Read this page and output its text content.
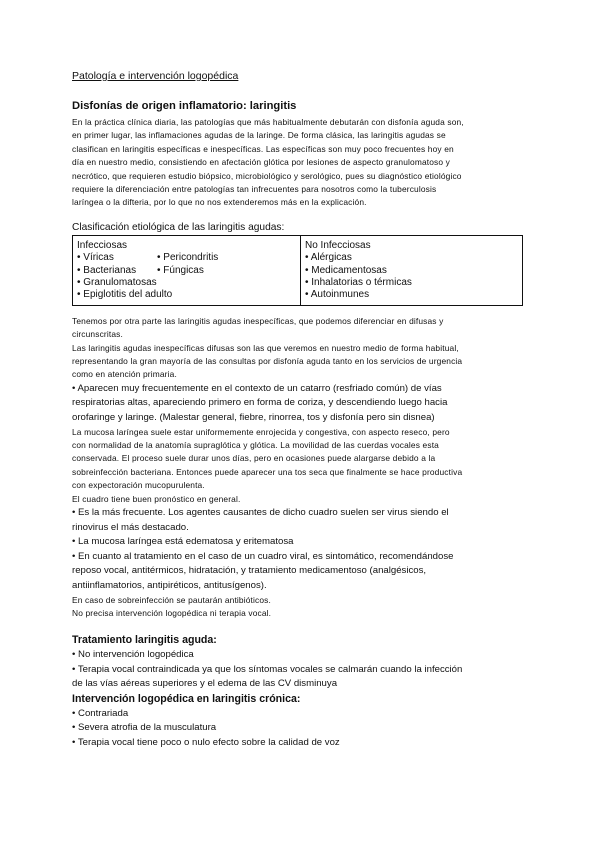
Patología e intervención logopédica
Disfonías de origen inflamatorio: laringitis
En la práctica clínica diaria, las patologías que más habitualmente debutarán con disfonía aguda son,
en primer lugar, las inflamaciones agudas de la laringe. De forma clásica, las laringitis agudas se
clasifican en laringitis específicas e inespecíficas. Las específicas son muy poco frecuentes hoy en
día en nuestro medio, consistiendo en afectación glótica por lesiones de aspecto granulomatoso y
necrótico, que requieren estudio biópsico, microbiológico y serológico, pues su diagnóstico etiológico
requiere la diferenciación entre patologías tan infrecuentes para nosotros como la tuberculosis
laríngea o la difteria, por lo que no nos extenderemos más en la explicación.
Clasificación etiológica de las laringitis agudas:
Infecciosas
• Víricas	• Pericondritis
• Bacterianas	• Fúngicas
• Granulomatosas
• Epiglotitis del adulto
No Infecciosas
• Alérgicas
• Medicamentosas
• Inhalatorias o térmicas
• Autoinmunes
Tenemos por otra parte las laringitis agudas inespecíficas, que podemos diferenciar en difusas y
circunscritas.
Las laringitis agudas inespecíficas difusas son las que veremos en nuestro medio de forma habitual,
representando la gran mayoría de las consultas por disfonía aguda tanto en los servicios de urgencia
como en atención primaria.
• Aparecen muy frecuentemente en el contexto de un catarro (resfriado común) de vías
respiratorias altas, apareciendo primero en forma de coriza, y descendiendo luego hacia
orofaringe y laringe. (Malestar general, fiebre, rinorrea, tos y disfonía pero sin disnea)
La mucosa laríngea suele estar uniformemente enrojecida y congestiva, con aspecto reseco, pero
con normalidad de la anatomía supraglótica y glótica. La movilidad de las cuerdas vocales esta
conservada. El proceso suele durar unos días, pero en ocasiones puede alargarse debido a la
sobreinfección bacteriana. Entonces puede aparecer una tos seca que finalmente se hace productiva
con expectoración mucopurulenta.
El cuadro tiene buen pronóstico en general.
• Es la más frecuente. Los agentes causantes de dicho cuadro suelen ser virus siendo el
rinovirus el más destacado.
• La mucosa laríngea está edematosa y eritematosa
• En cuanto al tratamiento en el caso de un cuadro viral, es sintomático, recomendándose
reposo vocal, antitérmicos, hidratación, y tratamiento medicamentoso (analgésicos,
antiinflamatorios, antipiréticos, antitusígenos).
En caso de sobreinfección se pautarán antibióticos.
No precisa intervención logopédica ni terapia vocal.
Tratamiento laringitis aguda:
• No intervención logopédica
• Terapia vocal contraindicada ya que los síntomas vocales se calmarán cuando la infección
de las vías aéreas superiores y el edema de las CV disminuya
Intervención logopédica en laringitis crónica:
• Contrariada
• Severa atrofia de la musculatura
• Terapia vocal tiene poco o nulo efecto sobre la calidad de voz
